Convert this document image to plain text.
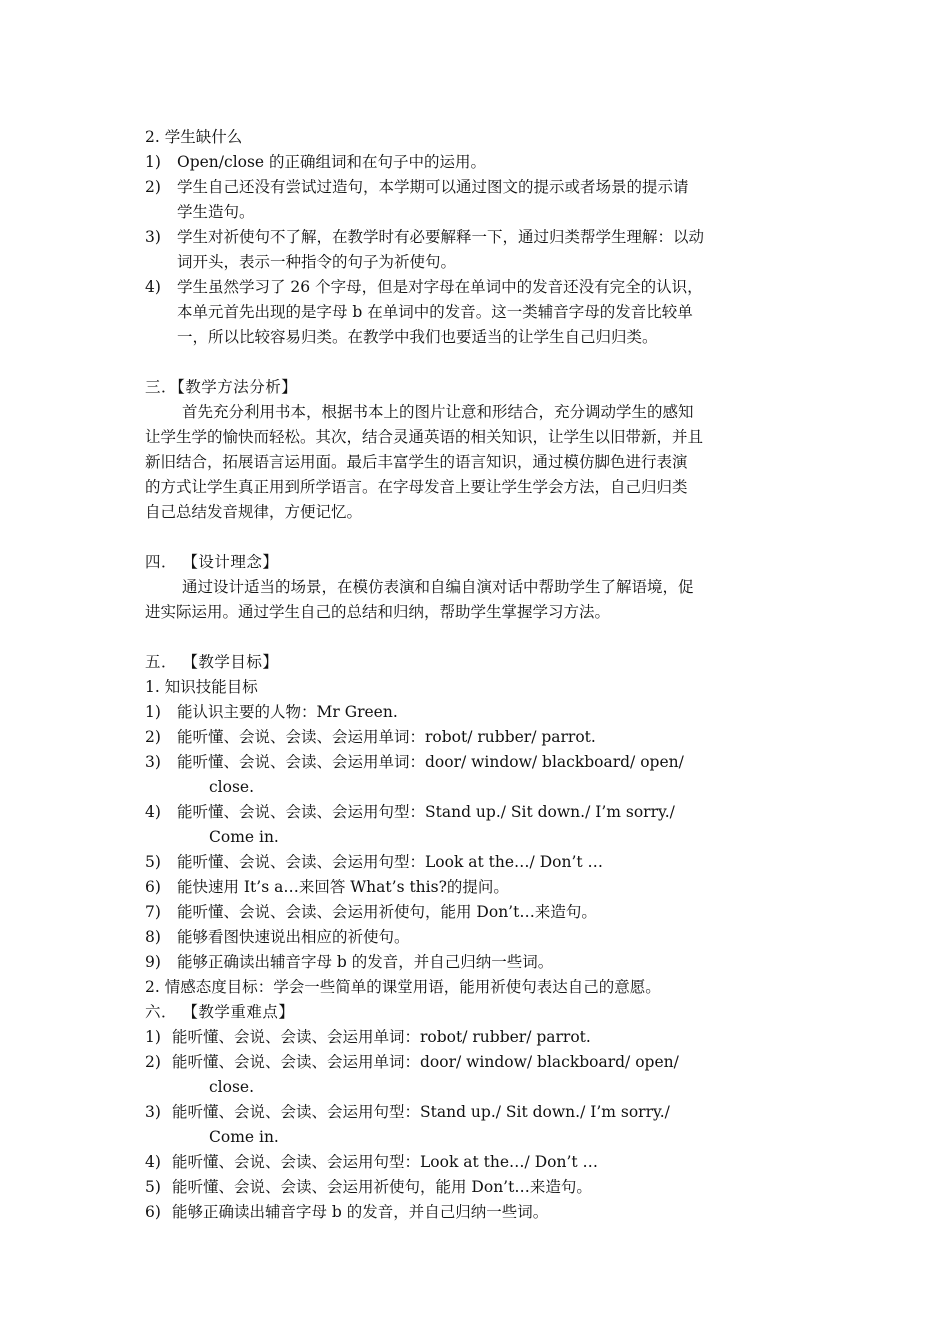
2. 学生缺什么
1) Open/close 的正确组词和在句子中的运用。
2) 学生自己还没有尝试过造句，本学期可以通过图文的提示或者场景的提示请
学生造句。
3) 学生对祈使句不了解，在教学时有必要解释一下，通过归类帮学生理解：以动
词开头，表示一种指令的句子为祈使句。
4) 学生虽然学习了 26 个字母，但是对字母在单词中的发音还没有完全的认识，
本单元首先出现的是字母 b 在单词中的发音。这一类辅音字母的发音比较单
一，所以比较容易归类。在教学中我们也要适当的让学生自己归归类。
三．【教学方法分析】
首先充分利用书本，根据书本上的图片让意和形结合，充分调动学生的感知
让学生学的愉快而轻松。其次，结合灵通英语的相关知识，让学生以旧带新，并且
新旧结合，拓展语言运用面。最后丰富学生的语言知识，通过模仿脚色进行表演
的方式让学生真正用到所学语言。在字母发音上要让学生学会方法，自己归归类
自己总结发音规律，方便记忆。
四． 【设计理念】
通过设计适当的场景，在模仿表演和自编自演对话中帮助学生了解语境，促
进实际运用。通过学生自己的总结和归纳，帮助学生掌握学习方法。
五． 【教学目标】
1. 知识技能目标
1) 能认识主要的人物：Mr Green.
2) 能听懂、会说、会读、会运用单词：robot/ rubber/ parrot.
3) 能听懂、会说、会读、会运用单词：door/ window/ blackboard/ open/
close.
4) 能听懂、会说、会读、会运用句型：Stand up./ Sit down./ I’m sorry./
Come in.
5) 能听懂、会说、会读、会运用句型：Look at the…/ Don’t …
6) 能快速用 It’s a…来回答 What’s this?的提问。
7) 能听懂、会说、会读、会运用祈使句，能用 Don’t…来造句。
8) 能够看图快速说出相应的祈使句。
9) 能够正确读出辅音字母 b 的发音，并自己归纳一些词。
2. 情感态度目标：学会一些简单的课堂用语，能用祈使句表达自己的意愿。
六． 【教学重难点】
1) 能听懂、会说、会读、会运用单词：robot/ rubber/ parrot.
2) 能听懂、会说、会读、会运用单词：door/ window/ blackboard/ open/
close.
3) 能听懂、会说、会读、会运用句型：Stand up./ Sit down./ I’m sorry./
Come in.
4) 能听懂、会说、会读、会运用句型：Look at the…/ Don’t …
5) 能听懂、会说、会读、会运用祈使句，能用 Don’t…来造句。
6) 能够正确读出辅音字母 b 的发音，并自己归纳一些词。
